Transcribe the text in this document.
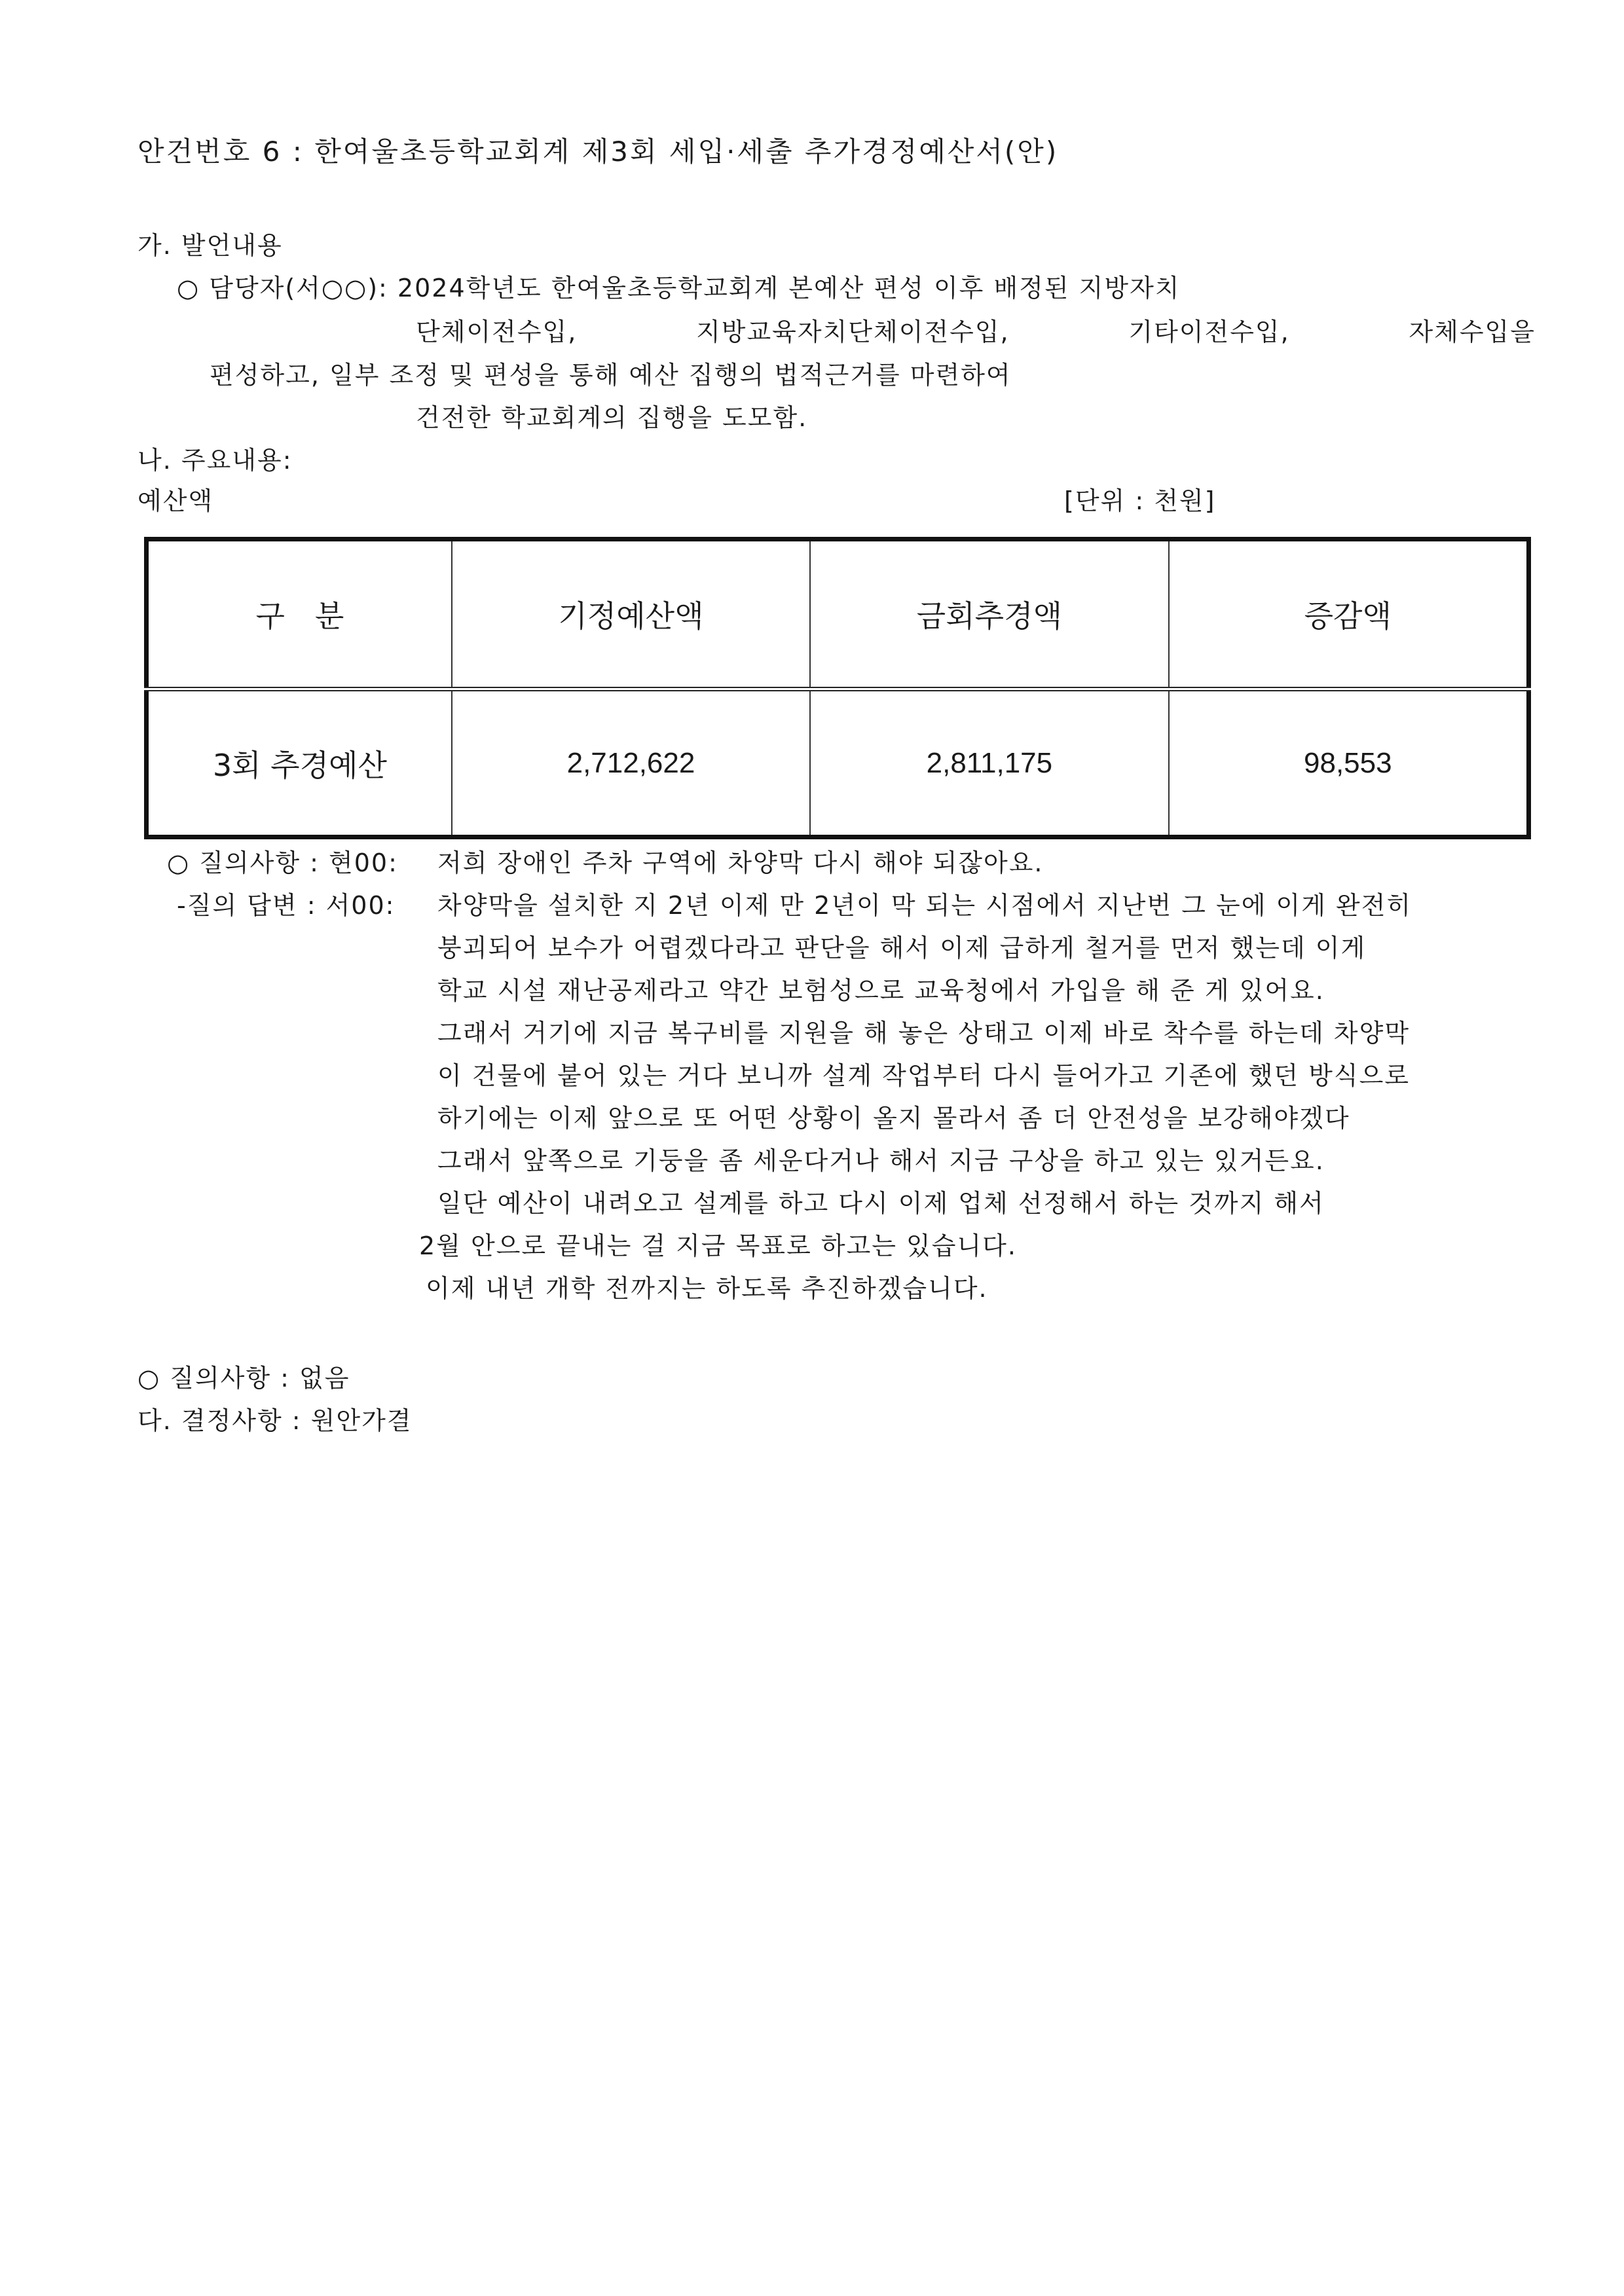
안건번호 6 : 한여울초등학교회계 제3회 세입·세출 추가경정예산서(안)
가. 발언내용
○ 담당자(서○○): 2024학년도 한여울초등학교회계 본예산 편성 이후 배정된 지방자치
단체이전수입,	지방교육자치단체이전수입,	기타이전수입,	자체수입을
편성하고, 일부 조정 및 편성을 통해 예산 집행의 법적근거를 마련하여
건전한 학교회계의 집행을 도모함.
나. 주요내용:
예산액	[단위 : 천원]
구　분	기정예산액	금회추경액	증감액
3회 추경예산	2,712,622	2,811,175	98,553
○ 질의사항 : 현00: 저희 장애인 주차 구역에 차양막 다시 해야 되잖아요.
-질의 답변 : 서00: 차양막을 설치한 지 2년 이제 만 2년이 막 되는 시점에서 지난번 그 눈에 이게 완전히
붕괴되어 보수가 어렵겠다라고 판단을 해서 이제 급하게 철거를 먼저 했는데 이게
학교 시설 재난공제라고 약간 보험성으로 교육청에서 가입을 해 준 게 있어요.
그래서 거기에 지금 복구비를 지원을 해 놓은 상태고 이제 바로 착수를 하는데 차양막
이 건물에 붙어 있는 거다 보니까 설계 작업부터 다시 들어가고 기존에 했던 방식으로
하기에는 이제 앞으로 또 어떤 상황이 올지 몰라서 좀 더 안전성을 보강해야겠다
그래서 앞쪽으로 기둥을 좀 세운다거나 해서 지금 구상을 하고 있는 있거든요.
일단 예산이 내려오고 설계를 하고 다시 이제 업체 선정해서 하는 것까지 해서
2월 안으로 끝내는 걸 지금 목표로 하고는 있습니다.
이제 내년 개학 전까지는 하도록 추진하겠습니다.
○ 질의사항 : 없음
다. 결정사항 : 원안가결
